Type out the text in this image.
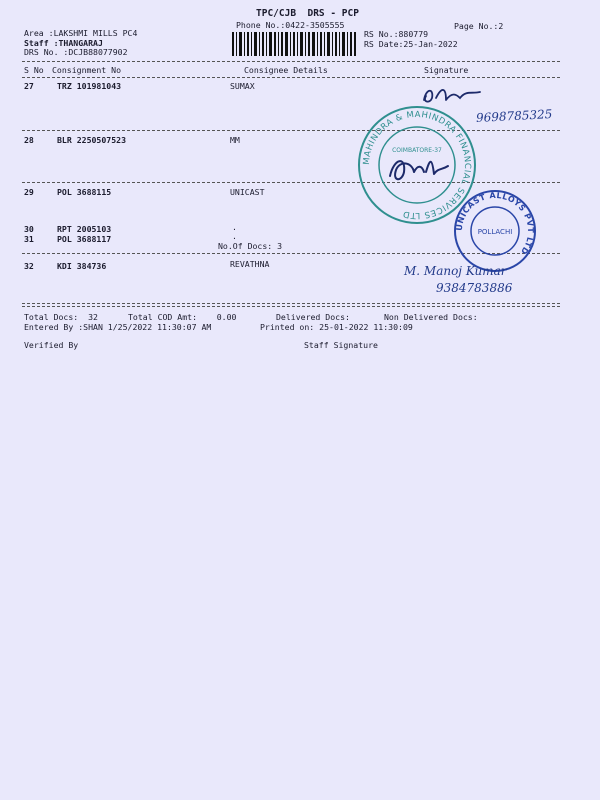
TPC/CJB  DRS - PCP
Phone No.:0422-3505555	Page No.:2
Area :LAKSHMI MILLS PC4
Staff :THANGARAJ
DRS No. :DCJB88077902
RS No.:880779
RS Date:25-Jan-2022
S No Consignment No	Consignee Details	Signature
27	TRZ 101981043	SUMAX
28	BLR 2250507523	MM
29	POL 3688115	UNICAST
30	RPT 2005103	.
31	POL 3688117	.
No.Of Docs: 3
32	KDI 384736	REVATHNA
Total Docs:  32	Total COD Amt:    0.00	Delivered Docs:	Non Delivered Docs:
Entered By :SHAN 1/25/2022 11:30:07 AM	Printed on: 25-01-2022 11:30:09
Verified By	Staff Signature
MAHINDRA & MAHINDRA FINANCIAL SERVICES LTD
COIMBATORE-37
UNICAST ALLOYS PVT LTD
POLLACHI
9698785325
M. Manoj Kumar
9384783886
